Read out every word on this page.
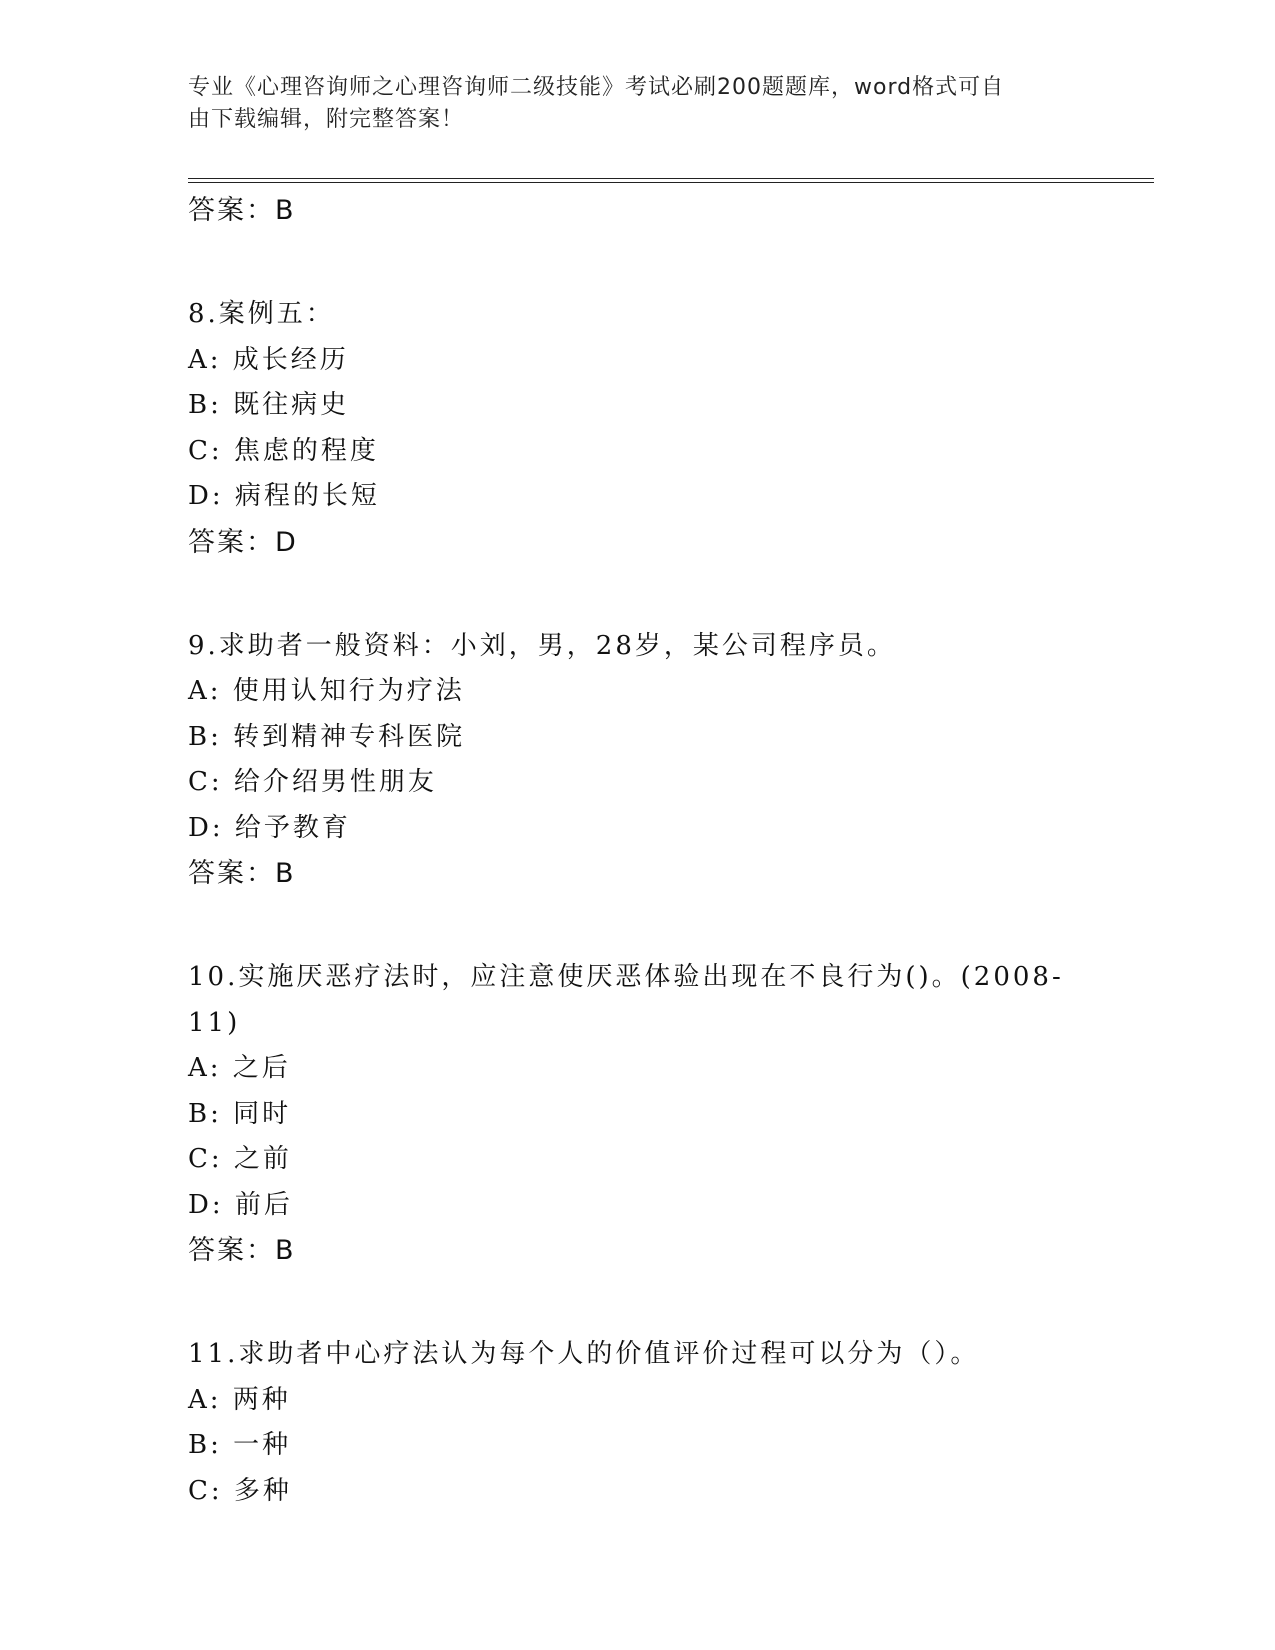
专业《心理咨询师之心理咨询师二级技能》考试必刷200题题库，word格式可自
由下载编辑，附完整答案！
答案：B
8.案例五：
A: 成长经历
B: 既往病史
C: 焦虑的程度
D: 病程的长短
答案：D
9.求助者一般资料：小刘，男，28岁，某公司程序员。
A: 使用认知行为疗法
B: 转到精神专科医院
C: 给介绍男性朋友
D: 给予教育
答案：B
10.实施厌恶疗法时，应注意使厌恶体验出现在不良行为()。(2008-
11)
A: 之后
B: 同时
C: 之前
D: 前后
答案：B
11.求助者中心疗法认为每个人的价值评价过程可以分为（）。
A: 两种
B: 一种
C: 多种
